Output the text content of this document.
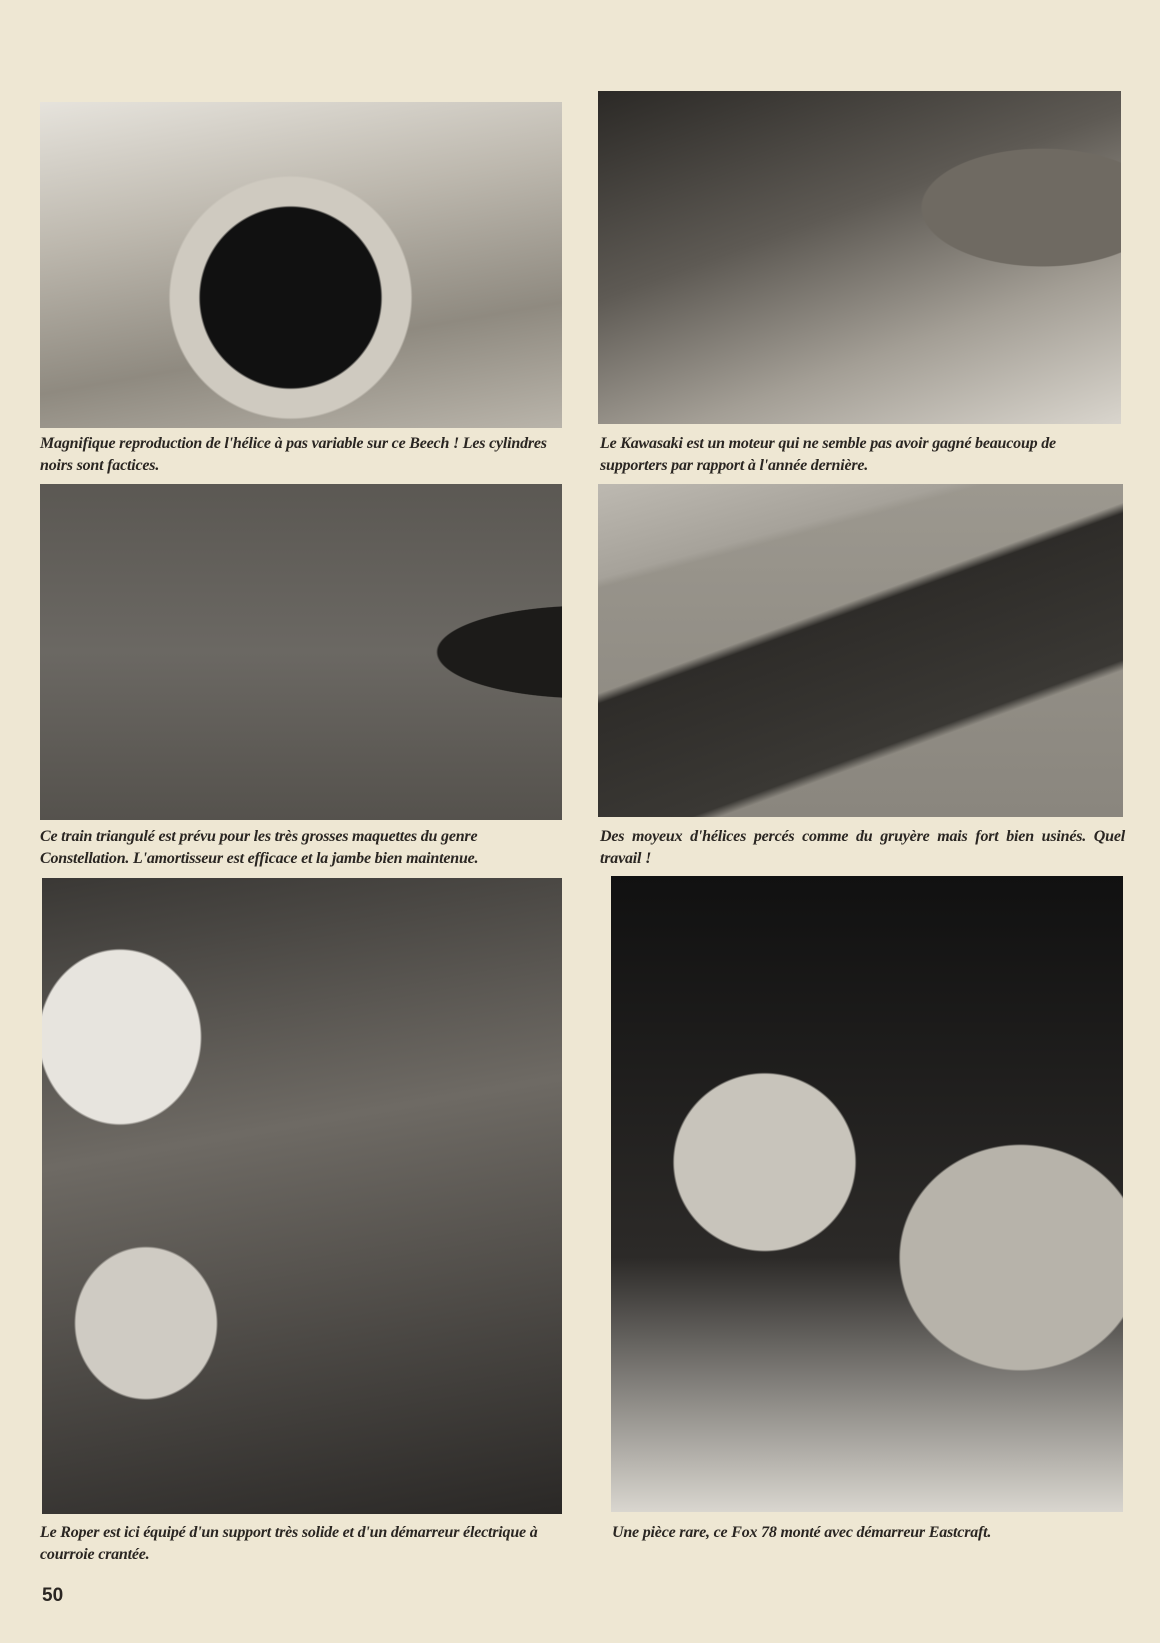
Magnifique reproduction de l'hélice à pas variable sur ce Beech ! Les cylindres noirs sont factices.
Le Kawasaki est un moteur qui ne semble pas avoir gagné beaucoup de supporters par rapport à l'année dernière.
Ce train triangulé est prévu pour les très grosses maquettes du genre Constellation. L'amortisseur est efficace et la jambe bien maintenue.
Des moyeux d'hélices percés comme du gruyère mais fort bien usinés. Quel travail !
Le Roper est ici équipé d'un support très solide et d'un démarreur électrique à courroie crantée.
Une pièce rare, ce Fox 78 monté avec démarreur Eastcraft.
50
